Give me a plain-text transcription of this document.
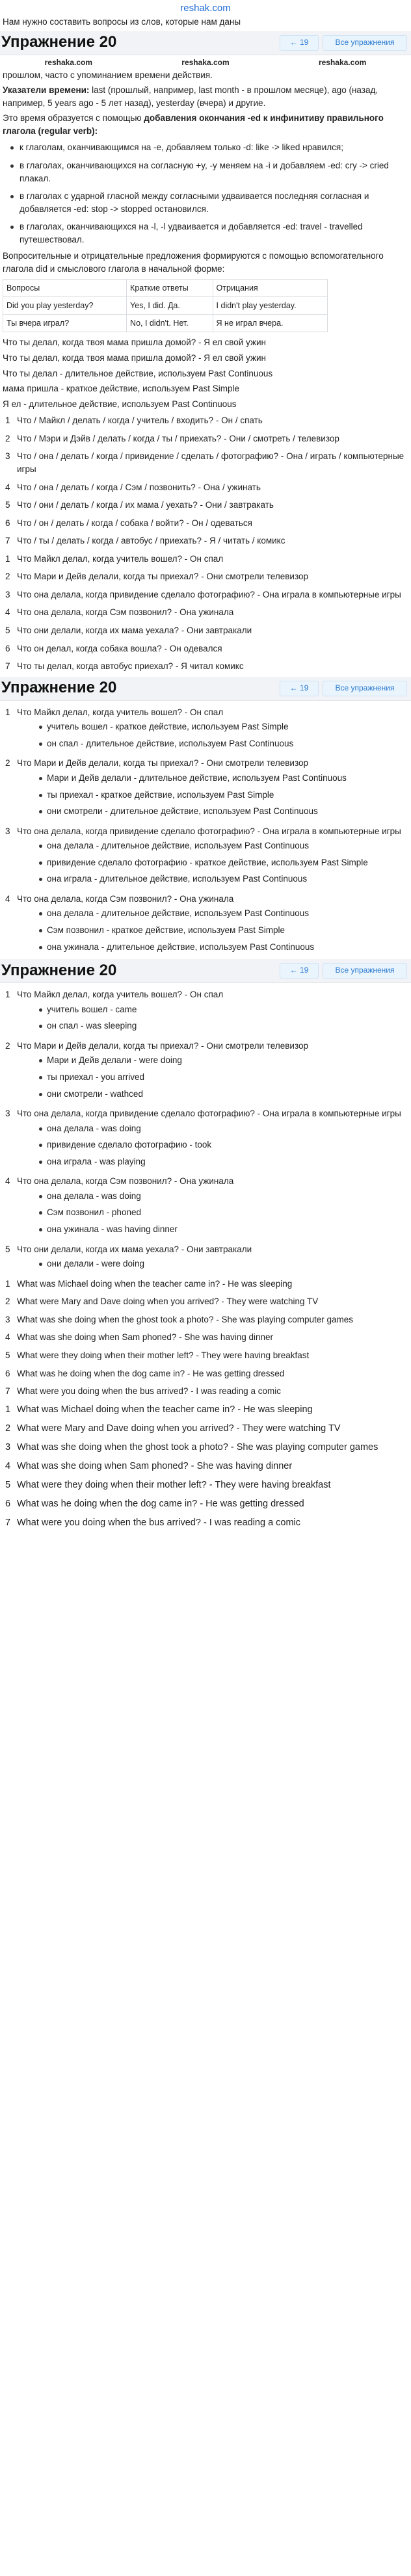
reshak.com

Нам нужно составить вопросы из слов, которые нам даны

Упражнение 20	← 19	Все упражнения
reshaka.com	reshaka.com	reshaka.com

прошлом, часто с упоминанием времени действия.

Указатели времени: last (прошлый, например, last month - в прошлом месяце), ago (назад, например, 5 years ago - 5 лет назад), yesterday (вчера) и другие.

Это время образуется с помощью добавления окончания -ed к инфинитиву правильного глагола (regular verb):

к глаголам, оканчивающимся на -e, добавляем только -d: like -> liked нравился;
в глаголах, оканчивающихся на согласную +y, -y меняем на -i и добавляем -ed: cry -> cried плакал.
в глаголах с ударной гласной между согласными удваивается последняя согласная и добавляется -ed: stop -> stopped остановился.
в глаголах, оканчивающихся на -l, -l удваивается и добавляется -ed: travel - travelled путешествовал.

Вопросительные и отрицательные предложения формируются с помощью вспомогательного глагола did и смыслового глагола в начальной форме:

Вопросы	Краткие ответы	Отрицания
Did you play yesterday?	Yes, I did. Да.	I didn't play yesterday.
Ты вчера играл?	No, I didn't. Нет.	Я не играл вчера.

Что ты делал, когда твоя мама пришла домой? - Я ел свой ужин

Что ты делал, когда твоя мама пришла домой? - Я ел свой ужин

Что ты делал - длительное действие, используем Past Continuous

мама пришла - краткое действие, используем Past Simple

Я ел - длительное действие, используем Past Continuous

1 Что / Майкл / делать / когда / учитель / входить? - Он / спать
2 Что / Мэри и Дэйв / делать / когда / ты / приехать? - Они / смотреть / телевизор
3 Что / она / делать / когда / привидение / сделать / фотографию? - Она / играть / компьютерные игры
4 Что / она / делать / когда / Сэм / позвонить? - Она / ужинать
5 Что / они / делать / когда / их мама / уехать? - Они / завтракать
6 Что / он / делать / когда / собака / войти? - Он / одеваться
7 Что / ты / делать / когда / автобус / приехать? - Я / читать / комикс
1 Что Майкл делал, когда учитель вошел? - Он спал
2 Что Мари и Дейв делали, когда ты приехал? - Они смотрели телевизор
3 Что она делала, когда привидение сделало фотографию? - Она играла в компьютерные игры
4 Что она делала, когда Сэм позвонил? - Она ужинала
5 Что они делали, когда их мама уехала? - Они завтракали
6 Что он делал, когда собака вошла? - Он одевался
7 Что ты делал, когда автобус приехал? - Я читал комикс
Упражнение 20	← 19	Все упражнения
1 Что Майкл делал, когда учитель вошел? - Он спал
учитель вошел - краткое действие, используем Past Simple
он спал - длительное действие, используем Past Continuous
2 Что Мари и Дейв делали, когда ты приехал? - Они смотрели телевизор
Мари и Дейв делали - длительное действие, используем Past Continuous
ты приехал - краткое действие, используем Past Simple
они смотрели - длительное действие, используем Past Continuous
3 Что она делала, когда привидение сделало фотографию? - Она играла в компьютерные игры
она делала - длительное действие, используем Past Continuous
привидение сделало фотографию - краткое действие, используем Past Simple
она играла - длительное действие, используем Past Continuous
4 Что она делала, когда Сэм позвонил? - Она ужинала
она делала - длительное действие, используем Past Continuous
Сэм позвонил - краткое действие, используем Past Simple
она ужинала - длительное действие, используем Past Continuous
Упражнение 20	← 19	Все упражнения
1 Что Майкл делал, когда учитель вошел? - Он спал
учитель вошел - came
он спал - was sleeping
2 Что Мари и Дейв делали, когда ты приехал? - Они смотрели телевизор
Мари и Дейв делали - were doing
ты приехал - you arrived
они смотрели - wathced
3 Что она делала, когда привидение сделало фотографию? - Она играла в компьютерные игры
она делала - was doing
привидение сделало фотографию - took
она играла - was playing
4 Что она делала, когда Сэм позвонил? - Она ужинала
она делала - was doing
Сэм позвонил - phoned
она ужинала - was having dinner
5 Что они делали, когда их мама уехала? - Они завтракали
они делали - were doing
1 What was Michael doing when the teacher came in? - He was sleeping
2 What were Mary and Dave doing when you arrived? - They were watching TV
3 What was she doing when the ghost took a photo? - She was playing computer games
4 What was she doing when Sam phoned? - She was having dinner
5 What were they doing when their mother left? - They were having breakfast
6 What was he doing when the dog came in? - He was getting dressed
7 What were you doing when the bus arrived? - I was reading a comic
1 What was Michael doing when the teacher came in? - He was sleeping
2 What were Mary and Dave doing when you arrived? - They were watching TV
3 What was she doing when the ghost took a photo? - She was playing computer games
4 What was she doing when Sam phoned? - She was having dinner
5 What were they doing when their mother left? - They were having breakfast
6 What was he doing when the dog came in? - He was getting dressed
7 What were you doing when the bus arrived? - I was reading a comic
